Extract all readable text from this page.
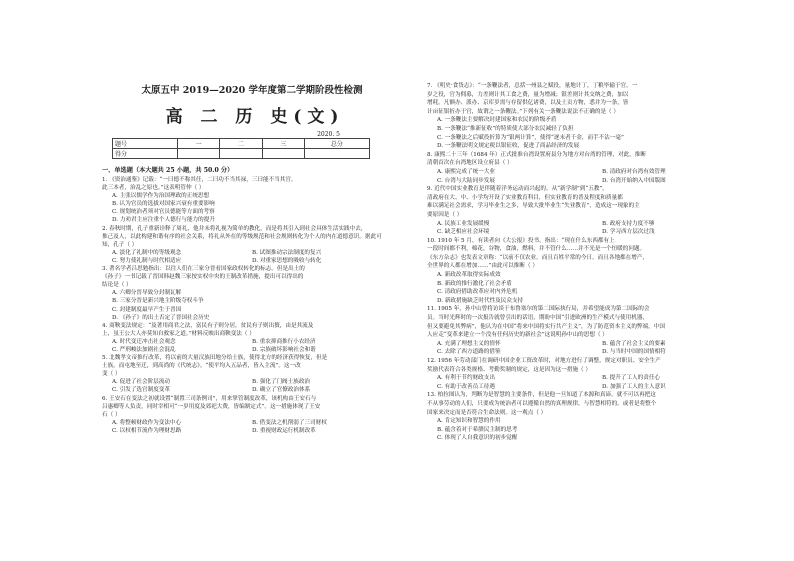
太原五中 2019—2020 学年度第二学期阶段性检测
高 二 历 史(文)
2020. 5
题号	一	二	三	总分
得分				
一、单选题（本大题共 25 小题，共 50.0 分）
1. 《资治通鉴》记载：“一曰德不称其任，二曰功不当其禄，三曰能不当其官。
此三本者，治乱之原也。”这表明管仲（ ）
A. 主张以儒学作为治国理政的正统思想
B. 认为官员的选拔对国家兴衰有重要影响
C. 规划统治者须对官员德能等方面的考察
D. 力劝君主应注重个人德行与能力的提升
2. 春秋时期，孔子重新诠释了周礼，他并未将礼视为简单的教化，而是将其引入到社会具体生活实践中去，
推己及人，以此构建和谐有序的社会关系，将礼从外在的等级规范和社会规则转化为个人的内在道德意识。据此可知，孔子（ ）
A. 淡化了礼制中的等级观念	B. 试图推动宗法制度的复兴
C. 努力使礼制与时代相适应	D. 对重家思想的吸收与转化
3. 著名学者吕思勉指出：以往人们在三家分晋看国家政权转化的标志。但是出土的
《孙子》一书记载了晋国韩赵魏三家按实权中央的王制改革措施，提出可以得出的
结论是（ ）
A. 六卿分晋导致分封制瓦解
B. 三家分晋是新兴地主阶级夺权斗争
C. 封建制度最早产生于晋国
D. 《孙子》的出土否定了晋国社会历史
4. 商鞅变法规定：“及著用商君之法，富民有子则分居，贫民有子则出赘，由是其流及
上，虽王公大人亦莫知自救家之道。”材料反映出商鞅变法（ ）
A. 时代变迁冲击社会观念	B. 重农抑商推行小农经济
C. 严刑峻法加剧社会混乱	D. 宗族破坏影响社会和谐
5. 北魏孝文帝推行改革，将以前的大量汉族田地分给士族，使得北方的经济获得恢复，但是
士族。而屯地至迁，到高尚的《代统志》。“使平均入五品者，皆入主流”。这一改
变（ ）
A. 促进了社会阶层流动	B. 强化了门阀士族政治
C. 引发了选官制度变革	D. 确立了官僚政治体系
6. 王安石在变法之初就设置“制置三司条例司”，用来掌管制度改革，该机构由王安石与
吕惠卿等人负责，同时宰相可“一岁用度及郊祀大费，皆编制定式”。这一措施体现了王安
石（ ）
A. 将整顿财政作为变法中心	B. 借变法之机削弱了三司财权
C. 以权相节流作为理财思路	D. 重视财政运行机制改革
7. 《明史·食货志》：“一条鞭法者，总括一州县之赋役，量地计丁，丁粮毕输于官，一
岁之役，官为佣募，力差则计其工食之费，量为增减；银差则计其交纳之费，加以
增耗。凡额办、派办、京库岁需与存留供亿诸费，以及土贡方物，悉并为一条，皆
计亩征银折办于官，故谓之一条鞭法。”下列有关一条鞭法说法不正确的是（ ）
A. 一条鞭法主要解决封建国家和农民的阶级矛盾
B. 一条鞭法“推新征收”的特质使大部分农民减轻了负担
C. 一条鞭法之后赋役折算为“银两计算”，使得“逐末者千金，而手不沾一毫”
D. 一条鞭法明文规定税以银征收，促进了商品经济的发展
8. 康熙二十三年（1684 年）正式批准台湾设置府县分为地方对台湾的管理，对此，推断
清朝首次在台湾地区设立府县（ ）
A. 康熙完成了统一大业	B. 清政府对台湾有效管理
C. 台湾与大陆同步发展	D. 台湾开始纳入中国版图
9. 近代中国实业教育是伴随着洋务运动而兴起的。从“新学制”到“五教”，
清政府在大、中、小学均开设了实业教育科目，但实业教育的普及程度和质量都
难以满足社会需求，学习毕业生之多，导致大批毕业生“失业教育”，造成这一现象的主
要原因是（ ）
A. 民族工业发展缓慢	B. 政府支持力度不够
C. 缺乏相应社会环境	D. 学习西方层次过浅
10. 1910 年 5 月，有读者向《大公报》投书，指出：“现在什么东西都有上
一段时间都不利，棉花，谷物，食油，燃料，并不管什么……并不光是一个恒暖的问题。
《东方杂志》也发表文章称：“以前不仅农业，而且百姓平常的今日，而且各地都在增产，
全世界的人都在增加……”由此可以推断（ ）
A. 新政改革取得实际成效
B. 新政的推行激化了社会矛盾
C. 清政府借助改革应对内外危机
D. 新政措施缺乏时代性及民众支持
11. 1905 年，孙中山曾将访谈于布鲁塞尔的第二国际执行局，并希望能成为第二国际的会
员。当时光辉时的一次报告就曾引出的话语，期盼中国“引进欧洲的生产模式与使用机器，
但又要避免其弊病”，他认为在中国“将来中国将实行共产主义”，为了防范资本主义的弊端，中国
人应走“变革来建立一个没有任何历史的新社会”这说明孙中山的思想（ ）
A. 充满了理想主义的情怀	B. 蕴含了社会主义的要素
C. 去除了西方道路的借鉴	D. 与当时中国的国情相符
12. 1956 年劳动部门在调研中国企业工资改革时，对地方进行了调整，规定对职员、安全生产
奖励代表符合各类规格、考勤奖制的规定，这是因为这一措施（ ）
A. 有利于节约财政支出	B. 提升了工人的责任心
C. 有助于改善员工待遇	D. 加强了工人的主人意识
13. 柏拉图认为，判断为是智慧的主要条件，但是他一旦知道了本源和真谛，就不可以再把这
不从事劳动的人们，只要成为统治者可以遵循自然的真理规律，与智慧相符的。或者是将整个
国家来决定而是否符合生命法则。这一观点（ ）
A. 肯定知识和智慧的作用
B. 蕴含着对于希腊民主制的思考
C. 体现了人自我意识的初步觉醒
